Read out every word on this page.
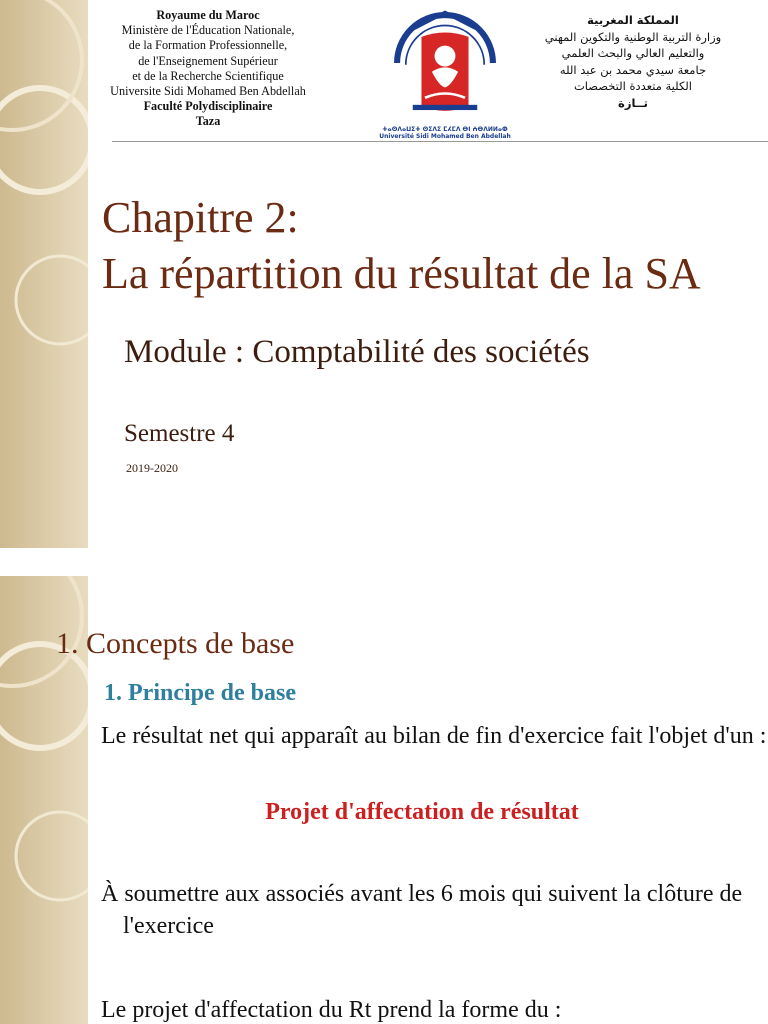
Royaume du Maroc
Ministère de l'Éducation Nationale,
de la Formation Professionnelle,
de l'Enseignement Supérieur
et de la Recherche Scientifique
Universite Sidi Mohamed Ben Abdellah
Faculté Polydisciplinaire
Taza
ⵜⴰⵙⴷⴰⵡⵉⵜ ⵙⵉⴷⵉ ⵎⵃⵎⴷ ⴱⵏ ⵄⴱⴷⵍⵍⴰⵀ
Université Sidi Mohamed Ben Abdellah
المملكة المغربية
وزارة التربية الوطنية والتكوين المهني
والتعليم العالي والبحث العلمي
جامعة سيدي محمد بن عبد الله
الكلية متعددة التخصصات
تــازة
Chapitre 2:
La répartition du résultat de la SA
Module : Comptabilité des sociétés
Semestre 4
2019-2020
1. Concepts de base
1. Principe de base
Le résultat net qui apparaît au bilan de fin d'exercice fait l'objet d'un :
Projet d'affectation de résultat
À soumettre aux associés avant les 6 mois qui suivent la clôture de l'exercice
Le projet d'affectation du Rt prend la forme du :
